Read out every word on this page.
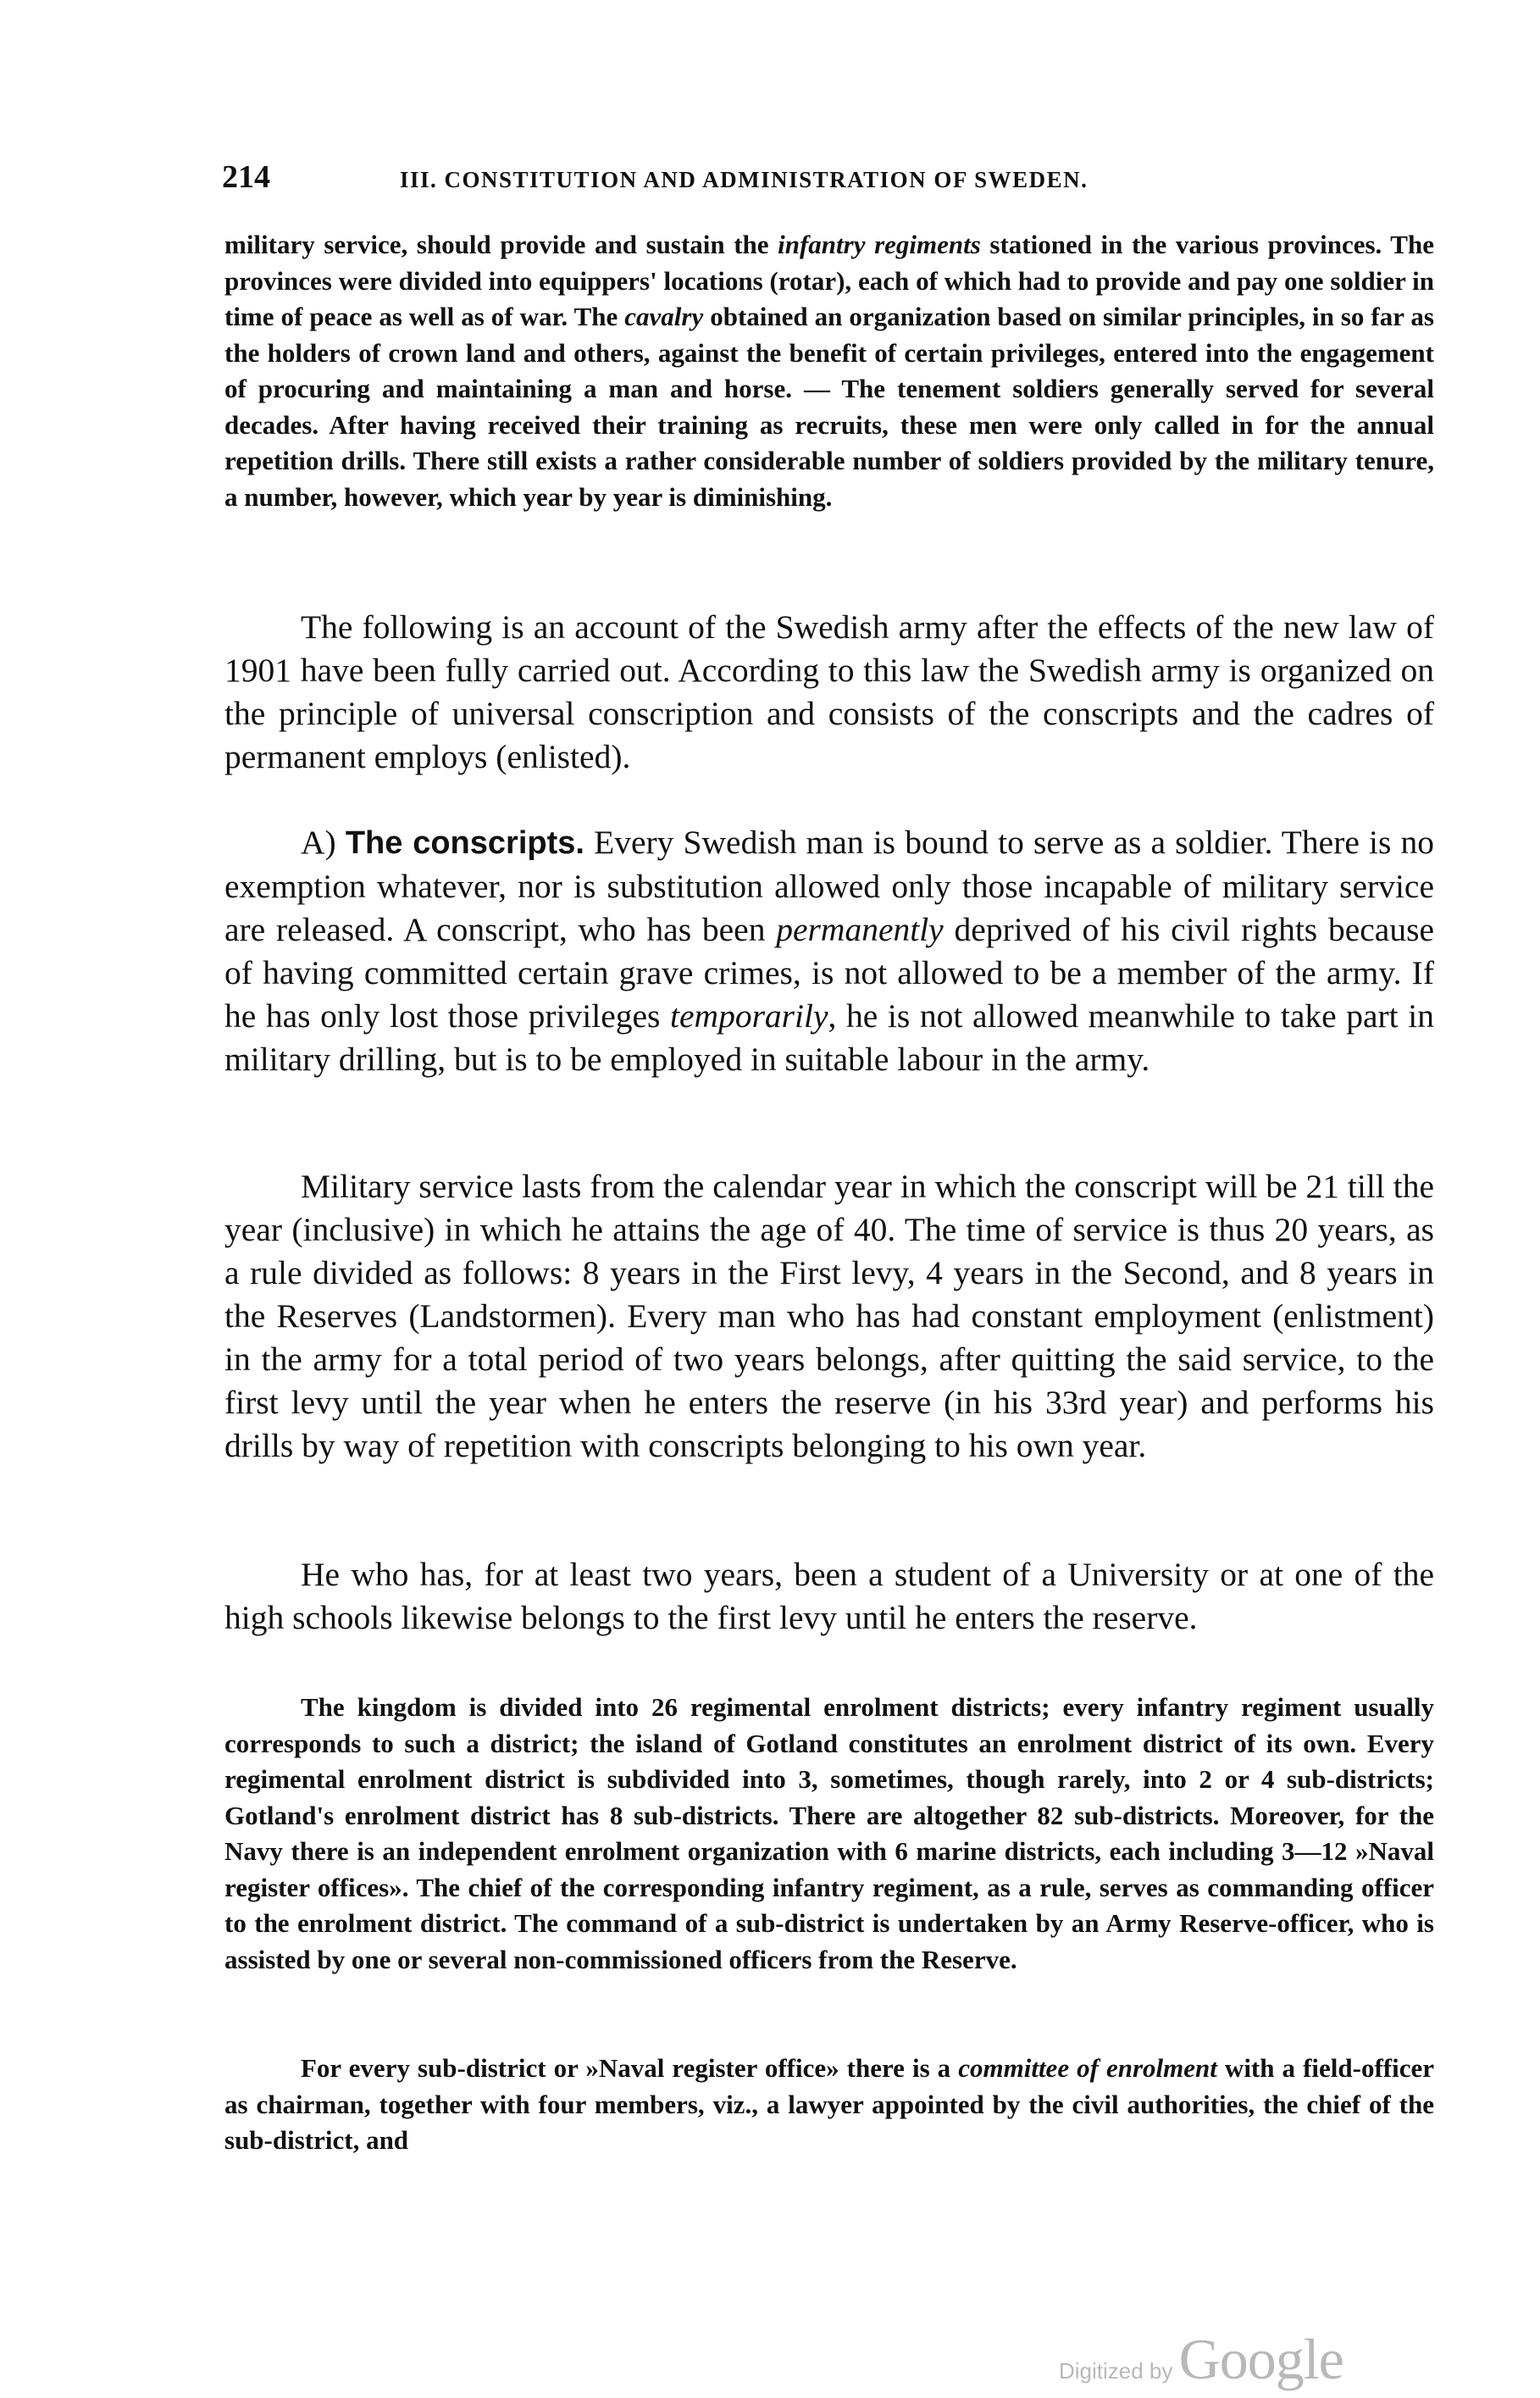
214	III. CONSTITUTION AND ADMINISTRATION OF SWEDEN.

military service, should provide and sustain the infantry regiments stationed in the various provinces. The provinces were divided into equippers' locations (rotar), each of which had to provide and pay one soldier in time of peace as well as of war. The cavalry obtained an organization based on similar principles, in so far as the holders of crown land and others, against the benefit of certain privileges, entered into the engagement of procuring and maintaining a man and horse. — The tenement soldiers generally served for several decades. After having received their training as recruits, these men were only called in for the annual repetition drills. There still exists a rather considerable number of soldiers provided by the military tenure, a number, however, which year by year is diminishing.

The following is an account of the Swedish army after the effects of the new law of 1901 have been fully carried out. According to this law the Swedish army is organized on the principle of universal conscription and consists of the conscripts and the cadres of permanent employs (enlisted).

A) The conscripts. Every Swedish man is bound to serve as a soldier. There is no exemption whatever, nor is substitution allowed only those incapable of military service are released. A conscript, who has been permanently deprived of his civil rights because of having committed certain grave crimes, is not allowed to be a member of the army. If he has only lost those privileges temporarily, he is not allowed meanwhile to take part in military drilling, but is to be employed in suitable labour in the army.

Military service lasts from the calendar year in which the conscript will be 21 till the year (inclusive) in which he attains the age of 40. The time of service is thus 20 years, as a rule divided as follows: 8 years in the First levy, 4 years in the Second, and 8 years in the Reserves (Landstormen). Every man who has had constant employment (enlistment) in the army for a total period of two years belongs, after quitting the said service, to the first levy until the year when he enters the reserve (in his 33rd year) and performs his drills by way of repetition with conscripts belonging to his own year.

He who has, for at least two years, been a student of a University or at one of the high schools likewise belongs to the first levy until he enters the reserve.

The kingdom is divided into 26 regimental enrolment districts; every infantry regiment usually corresponds to such a district; the island of Gotland constitutes an enrolment district of its own. Every regimental enrolment district is subdivided into 3, sometimes, though rarely, into 2 or 4 sub-districts; Gotland's enrolment district has 8 sub-districts. There are altogether 82 sub-districts. Moreover, for the Navy there is an independent enrolment organization with 6 marine districts, each including 3—12 »Naval register offices». The chief of the corresponding infantry regiment, as a rule, serves as commanding officer to the enrolment district. The command of a sub-district is undertaken by an Army Reserve-officer, who is assisted by one or several non-commissioned officers from the Reserve.

For every sub-district or »Naval register office» there is a committee of enrolment with a field-officer as chairman, together with four members, viz., a lawyer appointed by the civil authorities, the chief of the sub-district, and

Digitized by Google
